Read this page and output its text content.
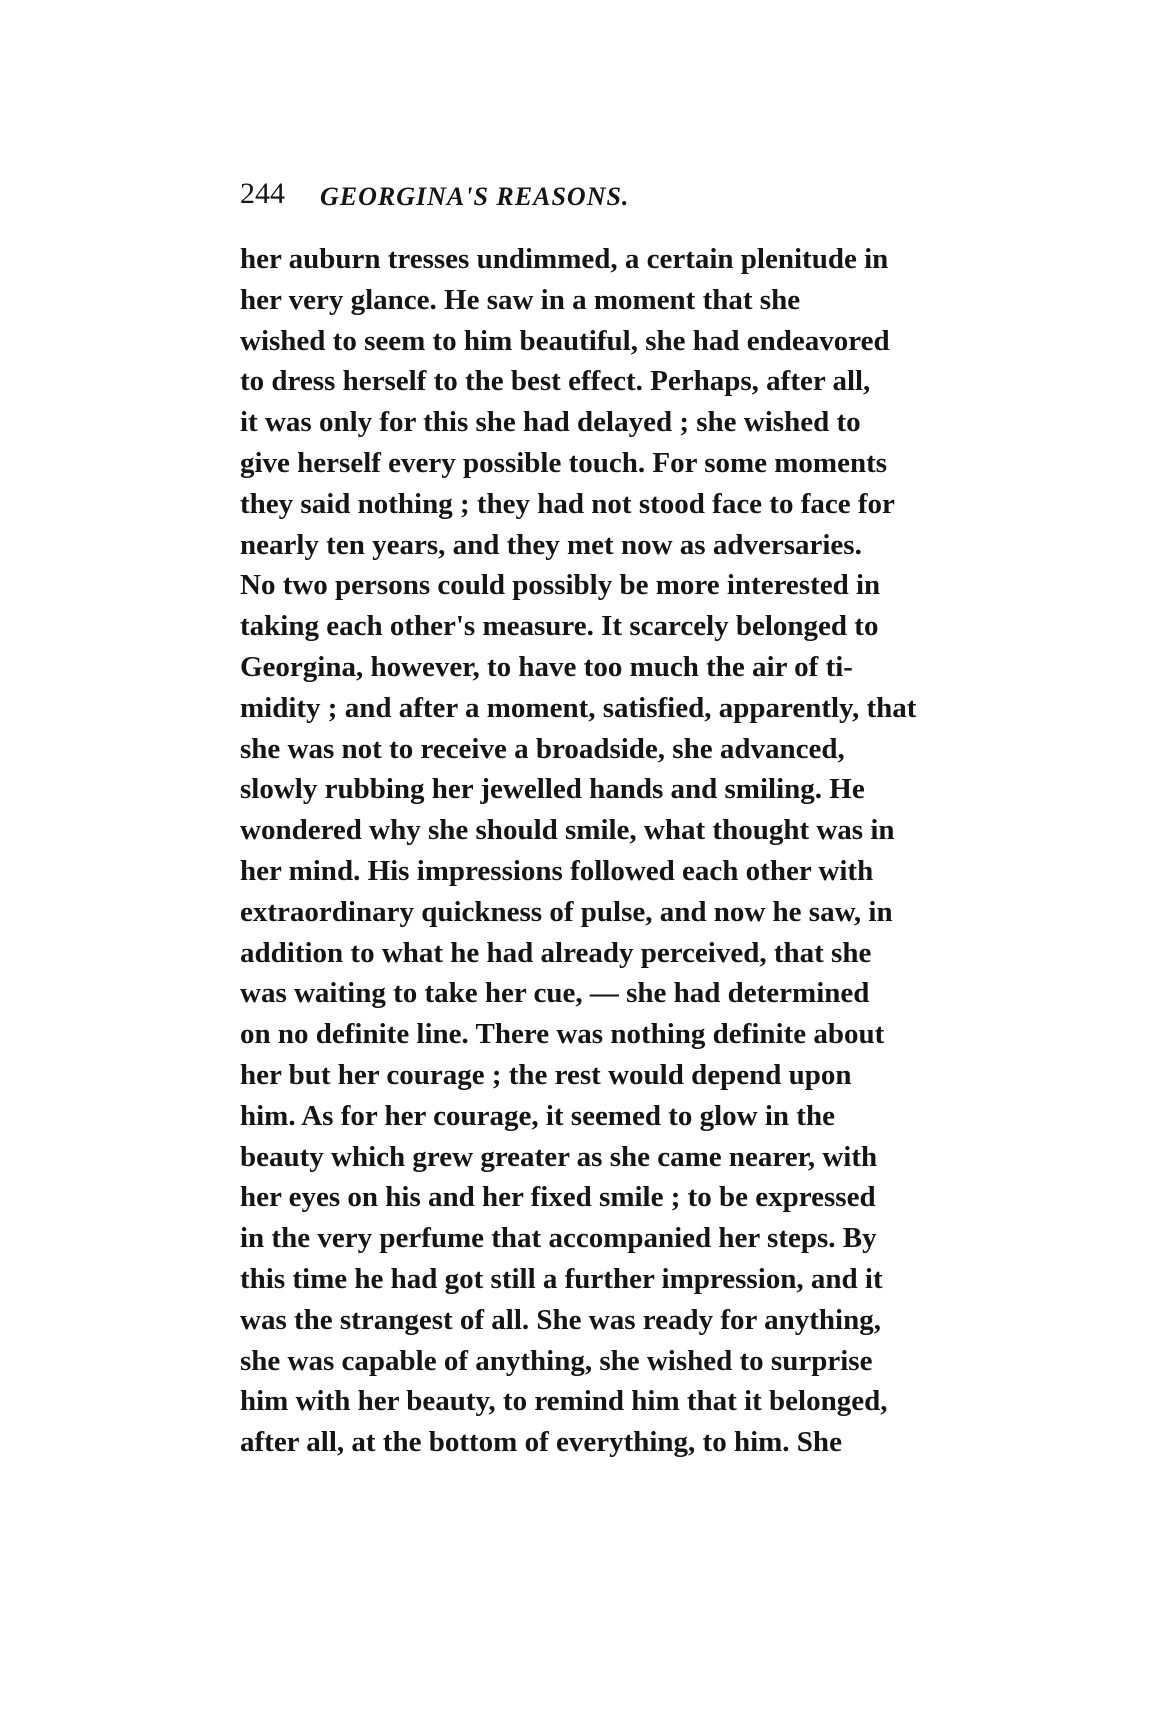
244 GEORGINA'S REASONS.
her auburn tresses undimmed, a certain plenitude in
her very glance. He saw in a moment that she
wished to seem to him beautiful, she had endeavored
to dress herself to the best effect. Perhaps, after all,
it was only for this she had delayed ; she wished to
give herself every possible touch. For some moments
they said nothing ; they had not stood face to face for
nearly ten years, and they met now as adversaries.
No two persons could possibly be more interested in
taking each other's measure. It scarcely belonged to
Georgina, however, to have too much the air of ti-
midity ; and after a moment, satisfied, apparently, that
she was not to receive a broadside, she advanced,
slowly rubbing her jewelled hands and smiling. He
wondered why she should smile, what thought was in
her mind. His impressions followed each other with
extraordinary quickness of pulse, and now he saw, in
addition to what he had already perceived, that she
was waiting to take her cue, — she had determined
on no definite line. There was nothing definite about
her but her courage ; the rest would depend upon
him. As for her courage, it seemed to glow in the
beauty which grew greater as she came nearer, with
her eyes on his and her fixed smile ; to be expressed
in the very perfume that accompanied her steps. By
this time he had got still a further impression, and it
was the strangest of all. She was ready for anything,
she was capable of anything, she wished to surprise
him with her beauty, to remind him that it belonged,
after all, at the bottom of everything, to him. She
